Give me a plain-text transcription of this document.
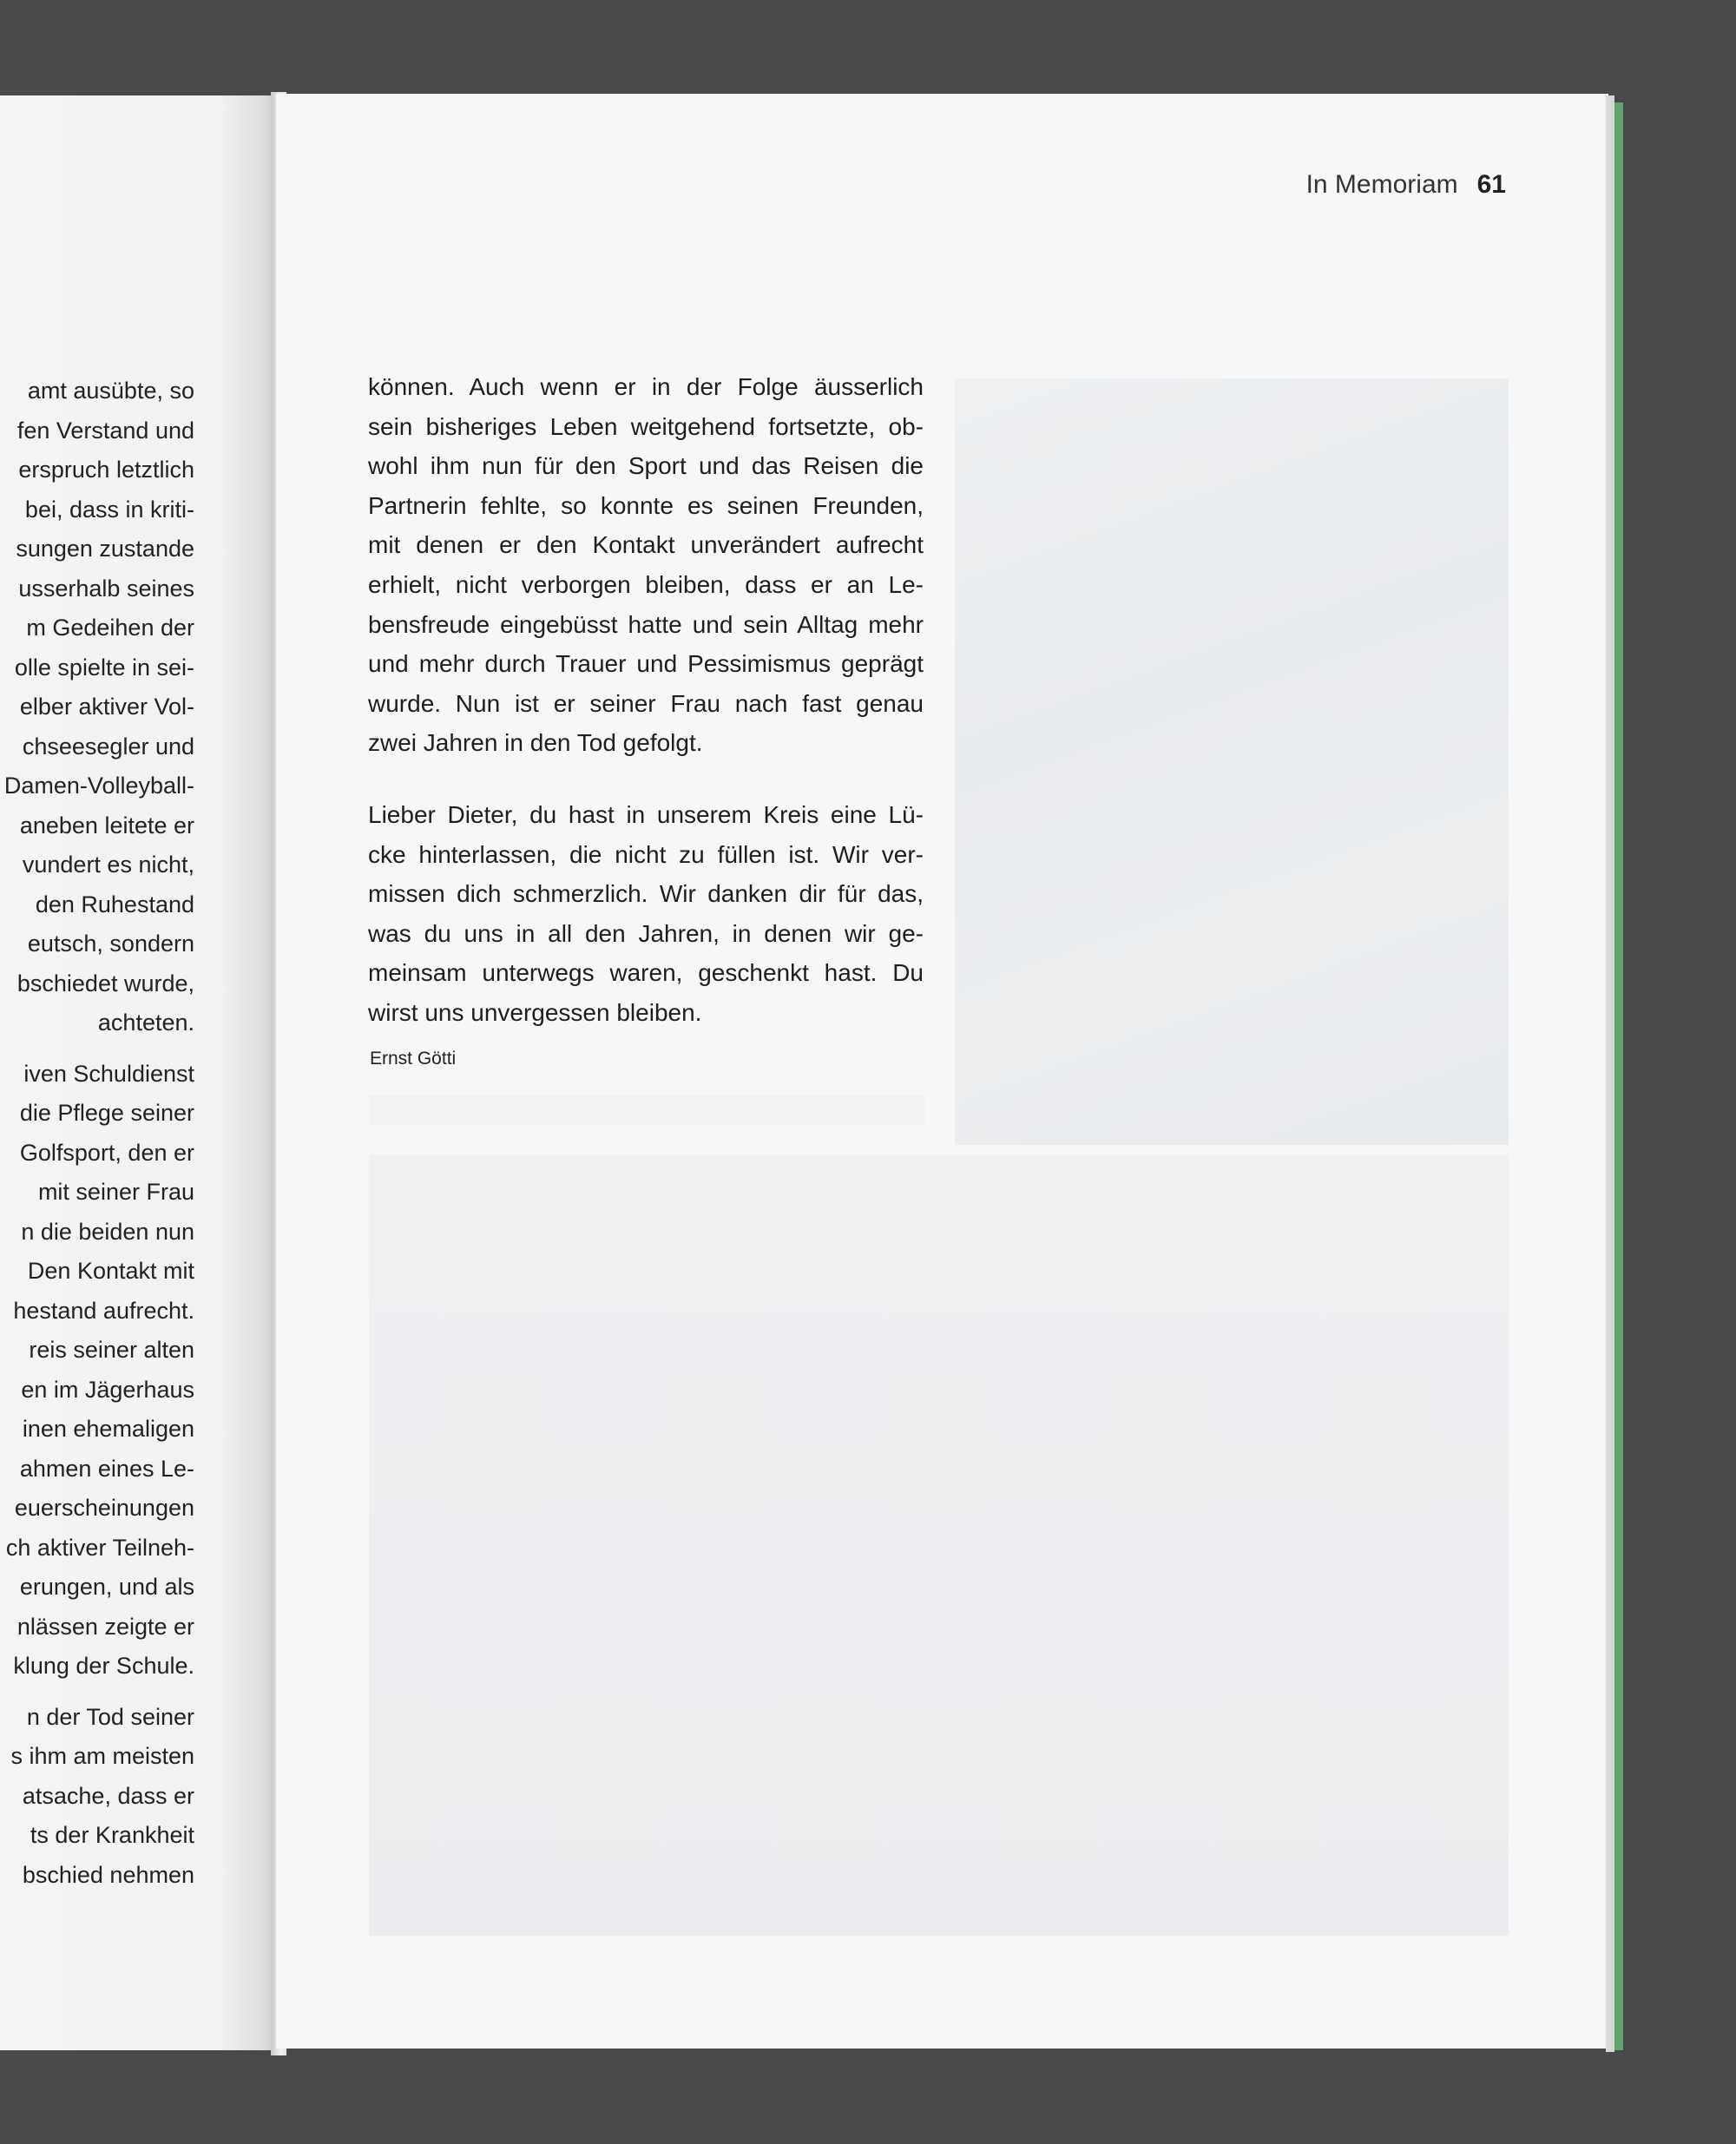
amt ausübte, so
fen Verstand und
erspruch letztlich
bei, dass in kriti-
sungen zustande
usserhalb seines
m Gedeihen der
olle spielte in sei-
elber aktiver Vol-
chseesegler und
Damen-Volleyball-
aneben leitete er
vundert es nicht,
den Ruhestand
eutsch, sondern
bschiedet wurde,
achteten.
iven Schuldienst
die Pflege seiner
Golfsport, den er
mit seiner Frau
n die beiden nun
Den Kontakt mit
hestand aufrecht.
reis seiner alten
en im Jägerhaus
inen ehemaligen
ahmen eines Le-
euerscheinungen
ch aktiver Teilneh-
erungen, und als
nlässen zeigte er
klung der Schule.
n der Tod seiner
s ihm am meisten
atsache, dass er
ts der Krankheit
bschied nehmen
In Memoriam 61
können. Auch wenn er in der Folge äusserlich
sein bisheriges Leben weitgehend fortsetzte, ob-
wohl ihm nun für den Sport und das Reisen die
Partnerin fehlte, so konnte es seinen Freunden,
mit denen er den Kontakt unverändert aufrecht
erhielt, nicht verborgen bleiben, dass er an Le-
bensfreude eingebüsst hatte und sein Alltag mehr
und mehr durch Trauer und Pessimismus geprägt
wurde. Nun ist er seiner Frau nach fast genau
zwei Jahren in den Tod gefolgt.
Lieber Dieter, du hast in unserem Kreis eine Lü-
cke hinterlassen, die nicht zu füllen ist. Wir ver-
missen dich schmerzlich. Wir danken dir für das,
was du uns in all den Jahren, in denen wir ge-
meinsam unterwegs waren, geschenkt hast. Du
wirst uns unvergessen bleiben.
Ernst Götti
